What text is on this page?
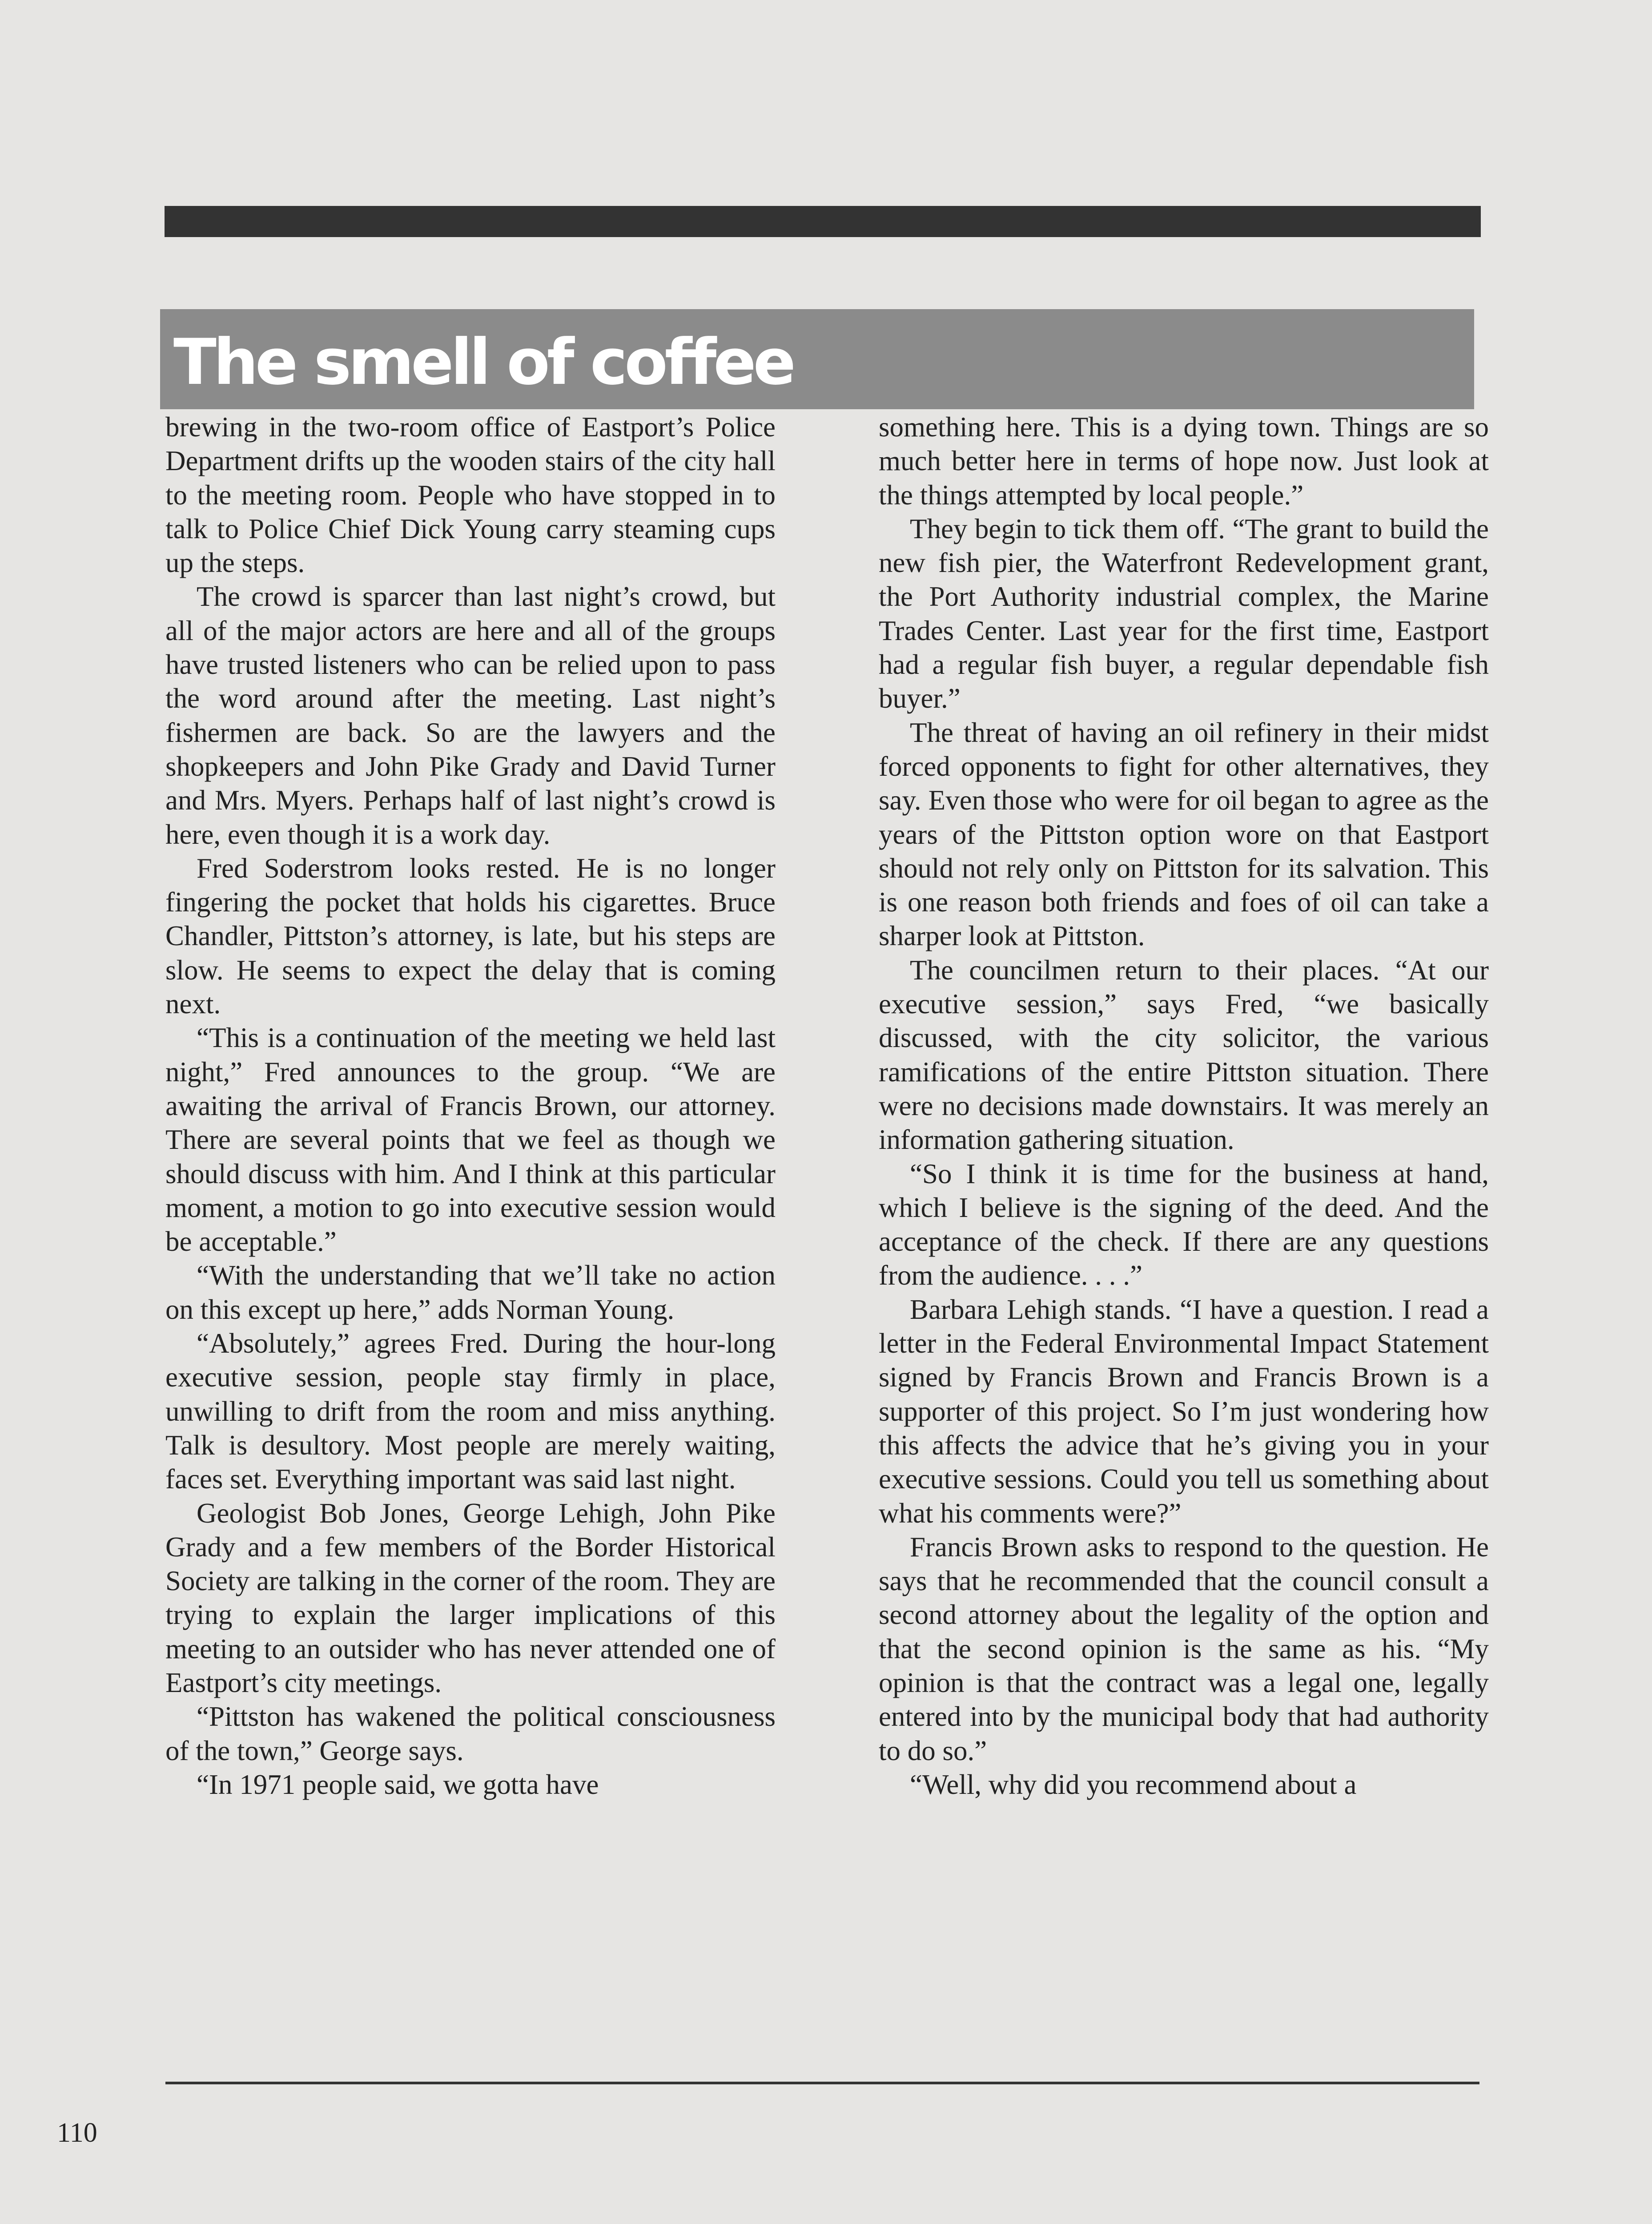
The smell of coffee

brewing in the two-room office of Eastport’s Police Department drifts up the wooden stairs of the city hall to the meeting room. People who have stopped in to talk to Police Chief Dick Young carry steaming cups up the steps.

The crowd is sparcer than last night’s crowd, but all of the major actors are here and all of the groups have trusted listeners who can be relied upon to pass the word around after the meeting. Last night’s fishermen are back. So are the lawyers and the shopkeepers and John Pike Grady and David Turner and Mrs. Myers. Perhaps half of last night’s crowd is here, even though it is a work day.

Fred Soderstrom looks rested. He is no longer fingering the pocket that holds his cigarettes. Bruce Chandler, Pittston’s attorney, is late, but his steps are slow. He seems to expect the delay that is coming next.

“This is a continuation of the meeting we held last night,” Fred announces to the group. “We are awaiting the arrival of Francis Brown, our attorney. There are several points that we feel as though we should discuss with him. And I think at this particular moment, a motion to go into executive session would be acceptable.”

“With the understanding that we’ll take no action on this except up here,” adds Norman Young.

“Absolutely,” agrees Fred. During the hour-long executive session, people stay firmly in place, unwilling to drift from the room and miss anything. Talk is desultory. Most people are merely waiting, faces set. Everything important was said last night.

Geologist Bob Jones, George Lehigh, John Pike Grady and a few members of the Border Historical Society are talking in the corner of the room. They are trying to explain the larger implications of this meeting to an outsider who has never attended one of Eastport’s city meetings.

“Pittston has wakened the political consciousness of the town,” George says.

“In 1971 people said, we gotta have

something here. This is a dying town. Things are so much better here in terms of hope now. Just look at the things attempted by local people.”

They begin to tick them off. “The grant to build the new fish pier, the Waterfront Redevelopment grant, the Port Authority industrial complex, the Marine Trades Center. Last year for the first time, Eastport had a regular fish buyer, a regular dependable fish buyer.”

The threat of having an oil refinery in their midst forced opponents to fight for other alternatives, they say. Even those who were for oil began to agree as the years of the Pittston option wore on that Eastport should not rely only on Pittston for its salvation. This is one reason both friends and foes of oil can take a sharper look at Pittston.

The councilmen return to their places. “At our executive session,” says Fred, “we basically discussed, with the city solicitor, the various ramifications of the entire Pittston situation. There were no decisions made downstairs. It was merely an information gathering situation.

“So I think it is time for the business at hand, which I believe is the signing of the deed. And the acceptance of the check. If there are any questions from the audience. . . .”

Barbara Lehigh stands. “I have a question. I read a letter in the Federal Environmental Impact Statement signed by Francis Brown and Francis Brown is a supporter of this project. So I’m just wondering how this affects the advice that he’s giving you in your executive sessions. Could you tell us something about what his comments were?”

Francis Brown asks to respond to the question. He says that he recommended that the council consult a second attorney about the legality of the option and that the second opinion is the same as his. “My opinion is that the contract was a legal one, legally entered into by the municipal body that had authority to do so.”

“Well, why did you recommend about a

110
